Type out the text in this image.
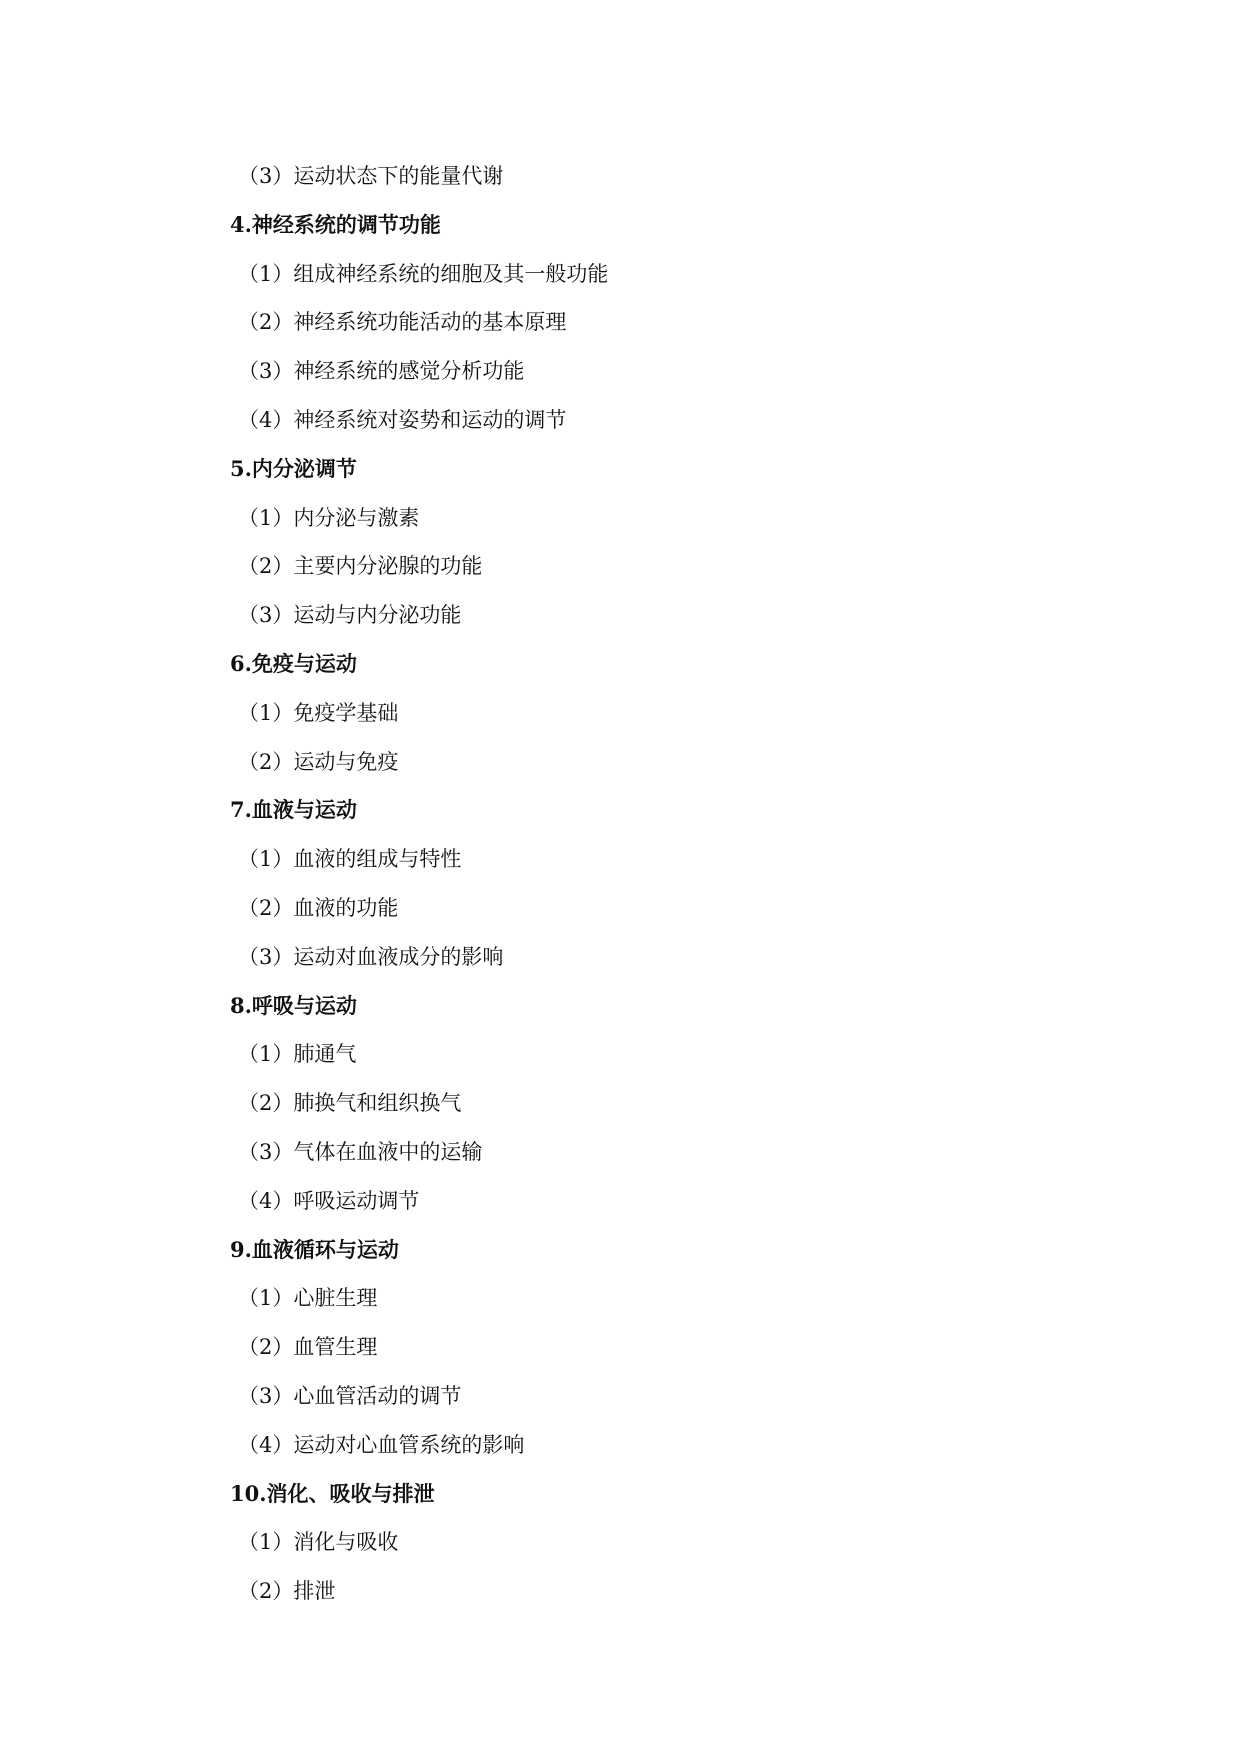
（3）运动状态下的能量代谢
4.神经系统的调节功能
（1）组成神经系统的细胞及其一般功能
（2）神经系统功能活动的基本原理
（3）神经系统的感觉分析功能
（4）神经系统对姿势和运动的调节
5.内分泌调节
（1）内分泌与激素
（2）主要内分泌腺的功能
（3）运动与内分泌功能
6.免疫与运动
（1）免疫学基础
（2）运动与免疫
7.血液与运动
（1）血液的组成与特性
（2）血液的功能
（3）运动对血液成分的影响
8.呼吸与运动
（1）肺通气
（2）肺换气和组织换气
（3）气体在血液中的运输
（4）呼吸运动调节
9.血液循环与运动
（1）心脏生理
（2）血管生理
（3）心血管活动的调节
（4）运动对心血管系统的影响
10.消化、吸收与排泄
（1）消化与吸收
（2）排泄
